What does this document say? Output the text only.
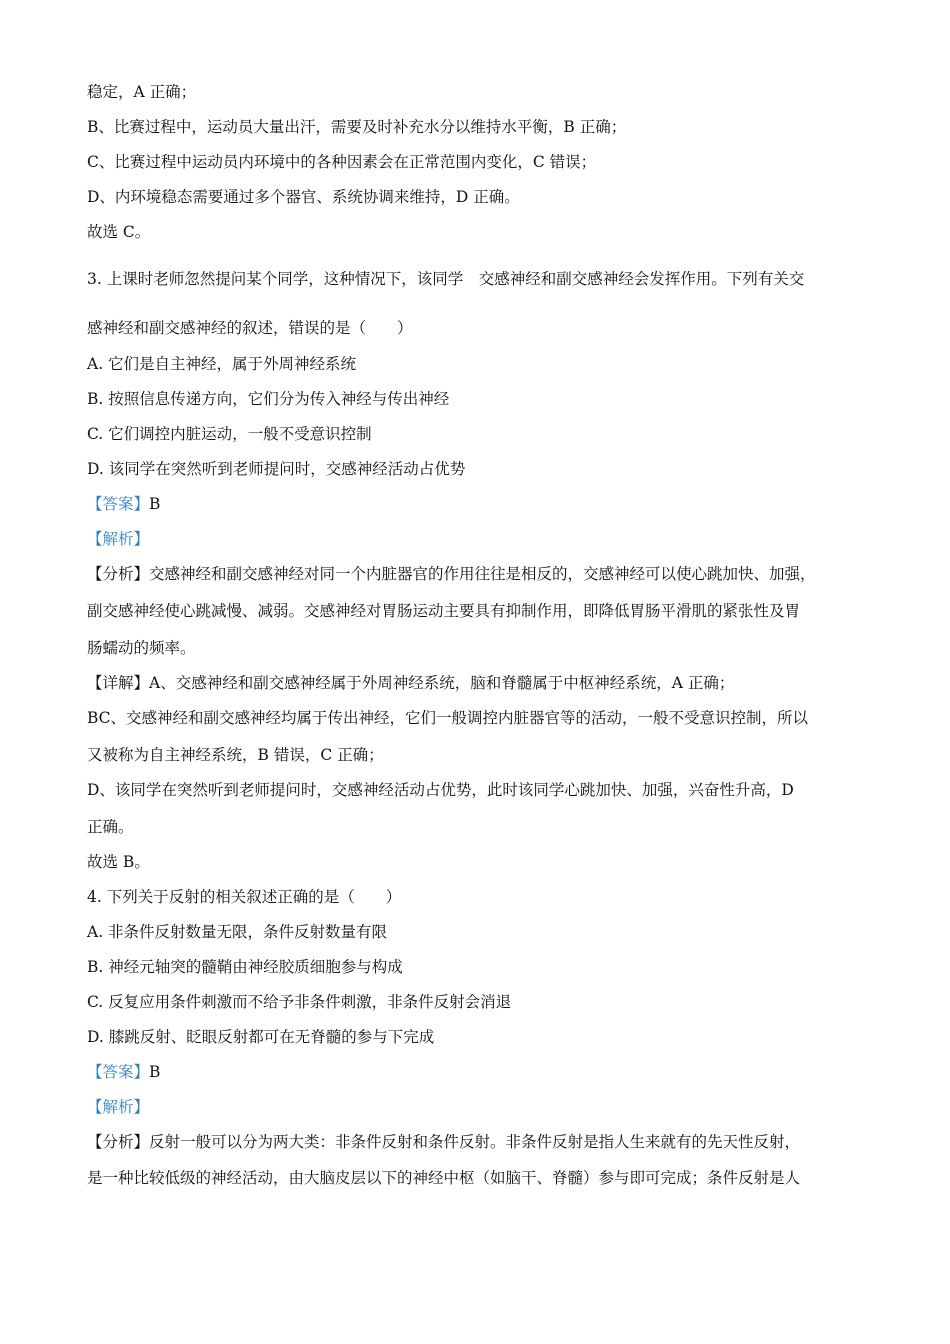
稳定，A 正确；
B、比赛过程中，运动员大量出汗，需要及时补充水分以维持水平衡，B 正确；
C、比赛过程中运动员内环境中的各种因素会在正常范围内变化，C 错误；
D、内环境稳态需要通过多个器官、系统协调来维持，D 正确。
故选 C。
3. 上课时老师忽然提问某个同学，这种情况下，该同学　交感神经和副交感神经会发挥作用。下列有关交
感神经和副交感神经的叙述，错误的是（　　）
A. 它们是自主神经，属于外周神经系统
B. 按照信息传递方向，它们分为传入神经与传出神经
C. 它们调控内脏运动，一般不受意识控制
D. 该同学在突然听到老师提问时，交感神经活动占优势
【答案】B
【解析】
【分析】交感神经和副交感神经对同一个内脏器官的作用往往是相反的，交感神经可以使心跳加快、加强，
副交感神经使心跳减慢、减弱。交感神经对胃肠运动主要具有抑制作用，即降低胃肠平滑肌的紧张性及胃
肠蠕动的频率。
【详解】A、交感神经和副交感神经属于外周神经系统，脑和脊髓属于中枢神经系统，A 正确；
BC、交感神经和副交感神经均属于传出神经，它们一般调控内脏器官等的活动，一般不受意识控制，所以
又被称为自主神经系统，B 错误，C 正确；
D、该同学在突然听到老师提问时，交感神经活动占优势，此时该同学心跳加快、加强，兴奋性升高，D
正确。
故选 B。
4. 下列关于反射的相关叙述正确的是（　　）
A. 非条件反射数量无限，条件反射数量有限
B. 神经元轴突的髓鞘由神经胶质细胞参与构成
C. 反复应用条件刺激而不给予非条件刺激，非条件反射会消退
D. 膝跳反射、眨眼反射都可在无脊髓的参与下完成
【答案】B
【解析】
【分析】反射一般可以分为两大类：非条件反射和条件反射。非条件反射是指人生来就有的先天性反射，
是一种比较低级的神经活动，由大脑皮层以下的神经中枢（如脑干、脊髓）参与即可完成；条件反射是人
